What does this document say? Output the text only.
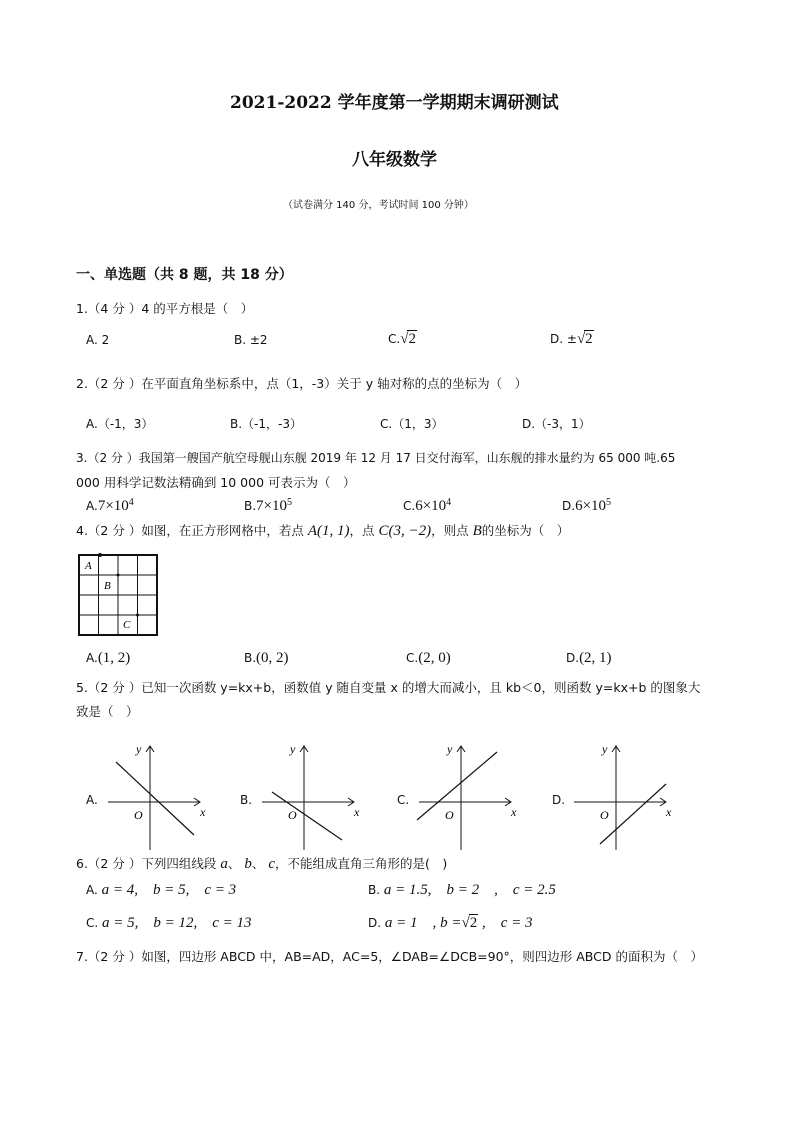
2021-2022 学年度第一学期期末调研测试
八年级数学
（试卷满分 140 分，考试时间 100 分钟）
一、单选题（共 8 题，共 18 分）
1.（4 分 ）4 的平方根是（　）
A. 2	B. ±2	C.√2	D. ±√2
2.（2 分 ）在平面直角坐标系中，点（1，-3）关于 y 轴对称的点的坐标为（　）
A.（-1，3）	B.（-1，-3）	C.（1，3）	D.（-3，1）
3.（2 分 ）我国第一艘国产航空母舰山东舰 2019 年 12 月 17 日交付海军，山东舰的排水量约为 65 000 吨.65
000 用科学记数法精确到 10 000 可表示为（　）
$A.7\times 10^4$	$B.7\times 10^5$	$C.6\times 10^4$	$D.6\times 10^5$
4.（2 分 ）如图，在正方形网格中，若点 A(1, 1)，点 C(3, −2)，则点 B的坐标为（　）
A
B
C
A.(1, 2)	B.(0, 2)	C.(2, 0)	D.(2, 1)
5.（2 分 ）已知一次函数 y=kx+b，函数值 y 随自变量 x 的增大而减小，且 kb＜0，则函数 y=kx+b 的图象大
致是（　）
A.
y
x
O
B.
y
x
O
C.
y
x
O
D.
y
x
O
6.（2 分 ）下列四组线段 a、 b、 c，不能组成直角三角形的是(　)
A. a = 4,　b = 5,　c = 3	B. a = 1.5,　b = 2　,　c = 2.5
C. a = 5,　b = 12,　c = 13	D. a = 1　, b =√2 ,　c = 3
7.（2 分 ）如图，四边形 ABCD 中，AB=AD，AC=5，∠DAB=∠DCB=90°，则四边形 ABCD 的面积为（　）
